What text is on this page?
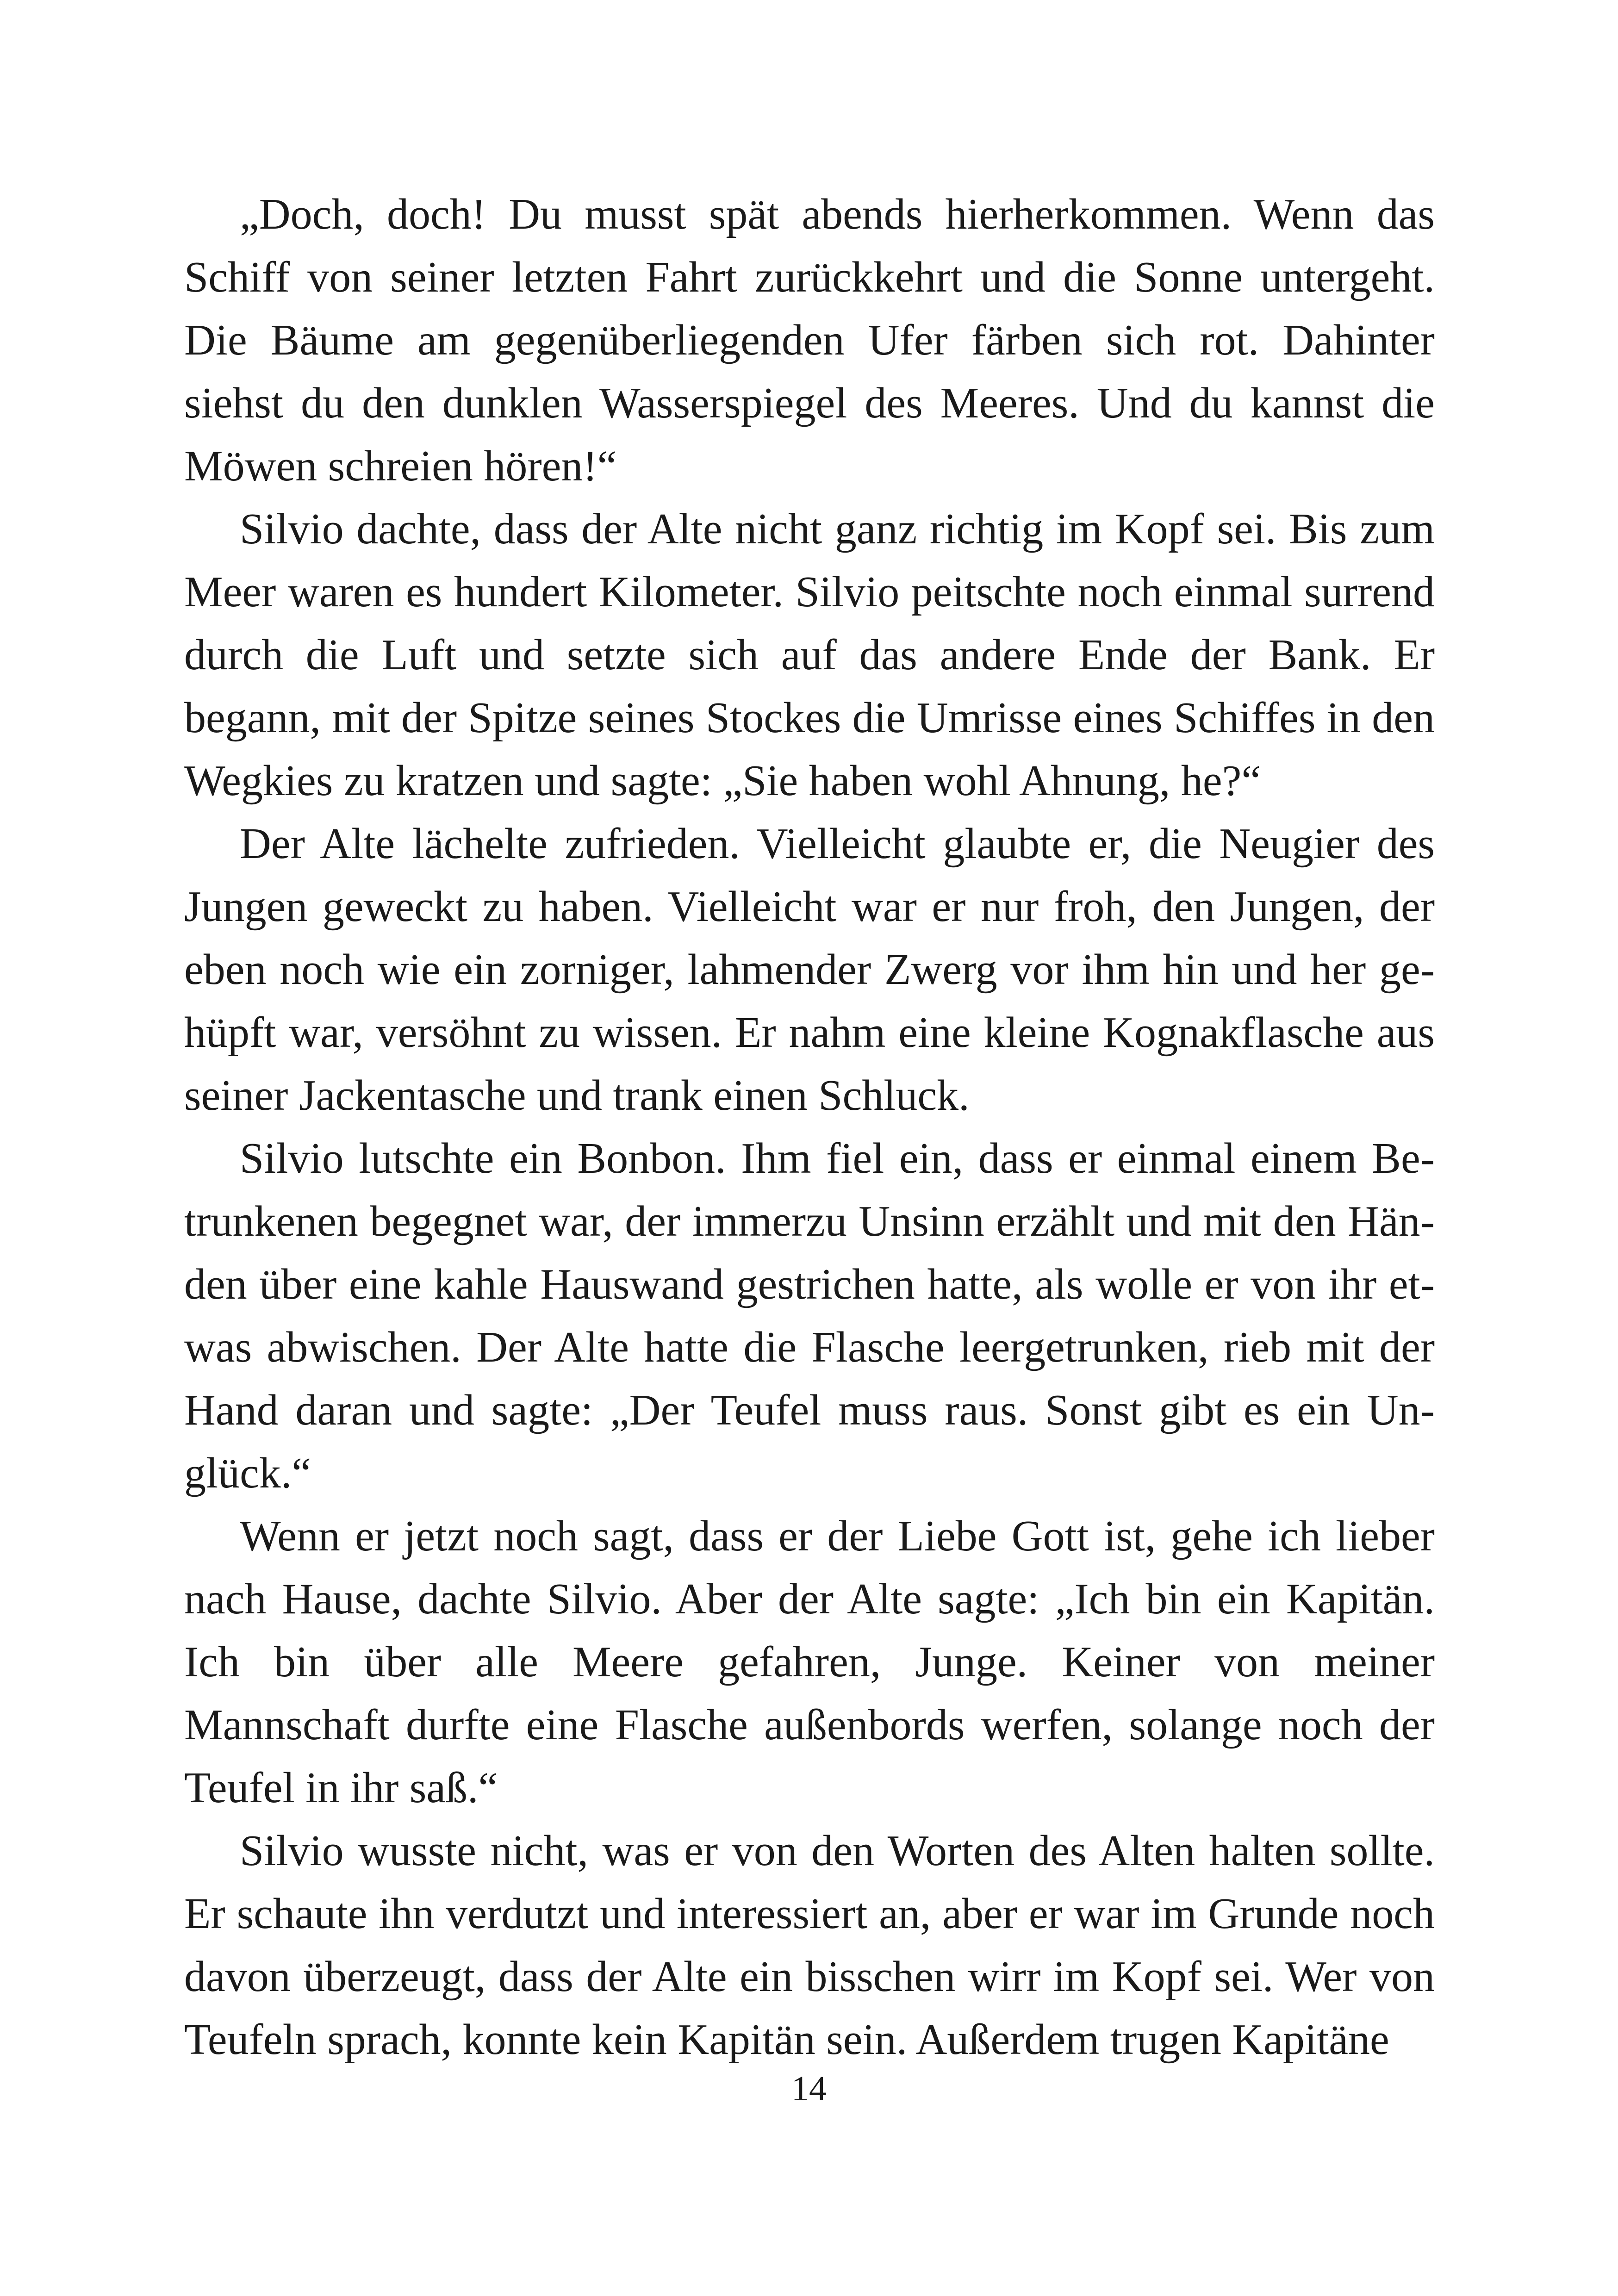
„Doch, doch! Du musst spät abends hierherkommen. Wenn das Schiff von seiner letzten Fahrt zurückkehrt und die Sonne untergeht. Die Bäume am gegenüberliegenden Ufer färben sich rot. Dahinter siehst du den dunklen Wasserspiegel des Meeres. Und du kannst die Möwen schreien hören!“

Silvio dachte, dass der Alte nicht ganz richtig im Kopf sei. Bis zum Meer waren es hundert Kilometer. Silvio peitschte noch einmal surrend durch die Luft und setzte sich auf das andere Ende der Bank. Er begann, mit der Spitze seines Stockes die Umrisse eines Schiffes in den Wegkies zu kratzen und sagte: „Sie haben wohl Ahnung, he?“

Der Alte lächelte zufrieden. Vielleicht glaubte er, die Neugier des Jungen geweckt zu haben. Vielleicht war er nur froh, den Jungen, der eben noch wie ein zorniger, lahmender Zwerg vor ihm hin und her gehüpft war, versöhnt zu wissen. Er nahm eine kleine Kognakflasche aus seiner Jackentasche und trank einen Schluck.

Silvio lutschte ein Bonbon. Ihm fiel ein, dass er einmal einem Betrunkenen begegnet war, der immerzu Unsinn erzählt und mit den Händen über eine kahle Hauswand gestrichen hatte, als wolle er von ihr etwas abwischen. Der Alte hatte die Flasche leergetrunken, rieb mit der Hand daran und sagte: „Der Teufel muss raus. Sonst gibt es ein Unglück.“

Wenn er jetzt noch sagt, dass er der Liebe Gott ist, gehe ich lieber nach Hause, dachte Silvio. Aber der Alte sagte: „Ich bin ein Kapitän. Ich bin über alle Meere gefahren, Junge. Keiner von meiner Mannschaft durfte eine Flasche außenbords werfen, solange noch der Teufel in ihr saß.“

Silvio wusste nicht, was er von den Worten des Alten halten sollte. Er schaute ihn verdutzt und interessiert an, aber er war im Grunde noch davon überzeugt, dass der Alte ein bisschen wirr im Kopf sei. Wer von Teufeln sprach, konnte kein Kapitän sein. Außerdem trugen Kapitäne

14
